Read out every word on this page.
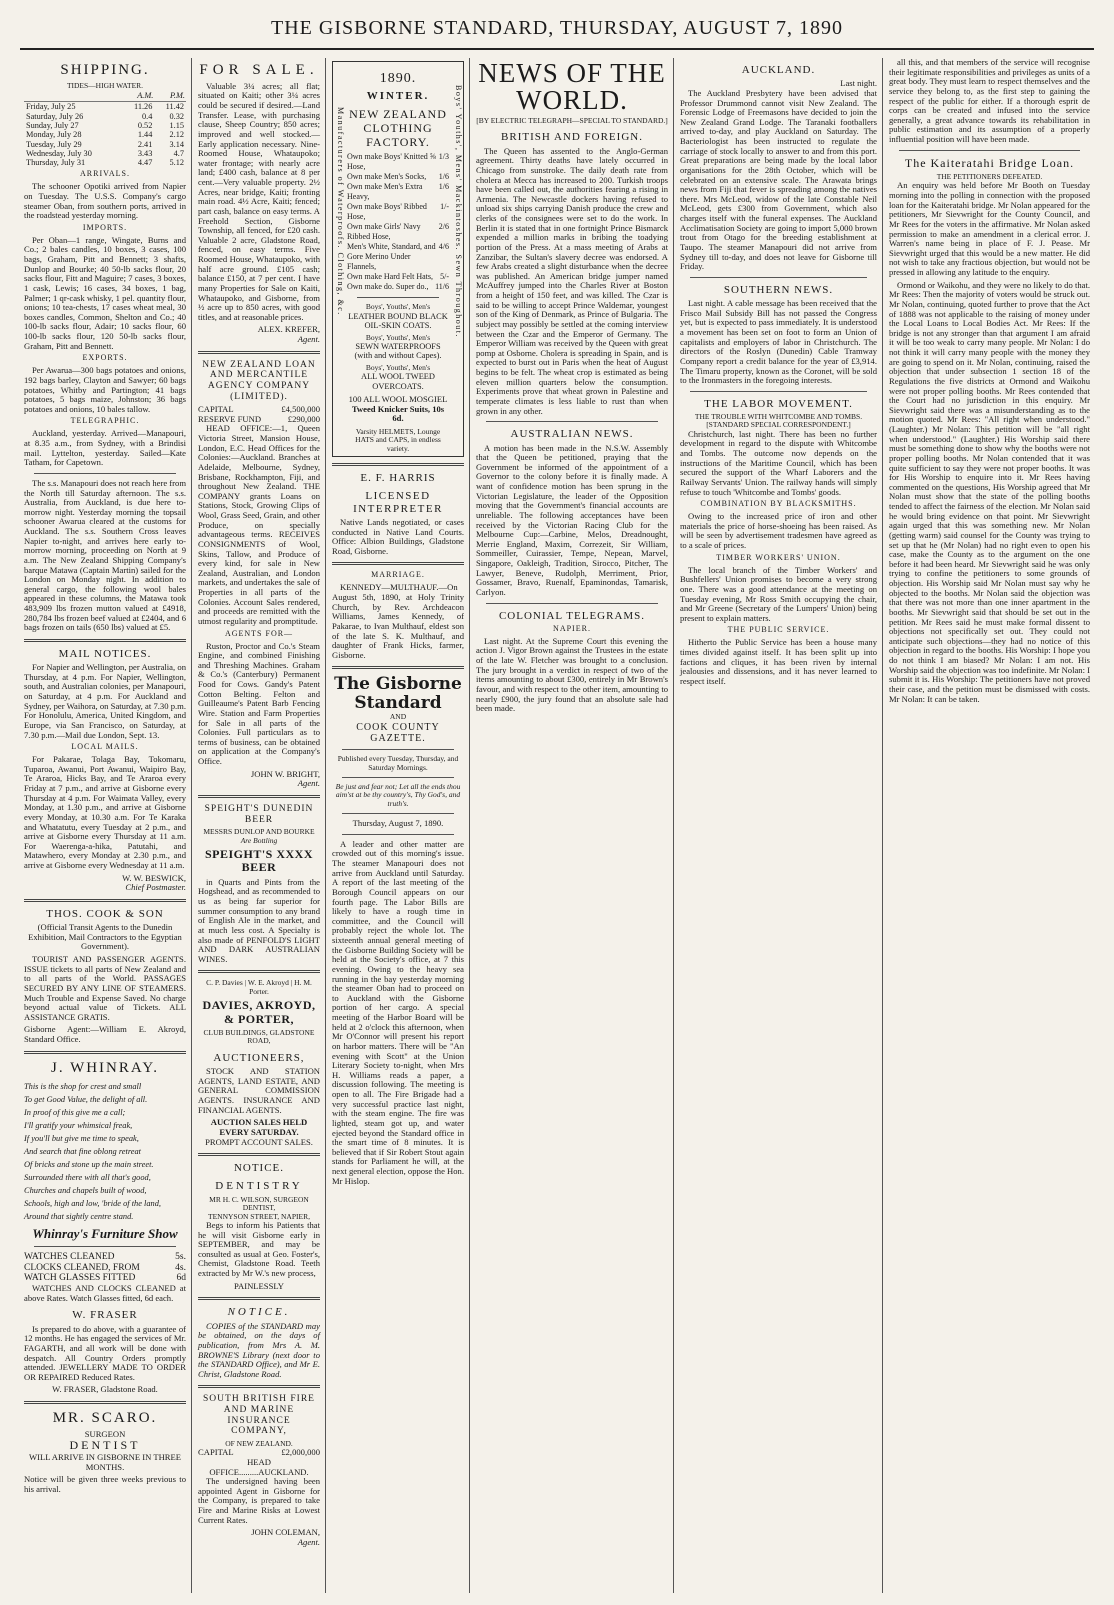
THE GISBORNE STANDARD, THURSDAY, AUGUST 7, 1890
SHIPPING.
TIDES—HIGH WATER.
	A.M.	P.M.
Friday, July 25	11.26	11.42
Saturday, July 26	0.4	0.32
Sunday, July 27	0.52	1.15
Monday, July 28	1.44	2.12
Tuesday, July 29	2.41	3.14
Wednesday, July 30	3.43	4.7
Thursday, July 31	4.47	5.12
ARRIVALS.

The schooner Opotiki arrived from Napier on Tuesday. The U.S.S. Company's cargo steamer Oban, from southern ports, arrived in the roadstead yesterday morning.

IMPORTS.

Per Oban—1 range, Wingate, Burns and Co.; 2 bales candles, 10 boxes, 3 cases, 100 bags, Graham, Pitt and Bennett; 3 shafts, Dunlop and Bourke; 40 50-lb sacks flour, 20 sacks flour, Fitt and Maguire; 7 cases, 3 boxes, 1 cask, Lewis; 16 cases, 34 boxes, 1 bag, Palmer; 1 qr-cask whisky, 1 pel. quantity flour, onions; 10 tea-chests, 17 cases wheat meal, 30 boxes candles, Common, Shelton and Co.; 40 100-lb sacks flour, Adair; 10 sacks flour, 60 100-lb sacks flour, 120 50-lb sacks flour, Graham, Pitt and Bennett.

EXPORTS.

Per Awarua—300 bags potatoes and onions, 192 bags barley, Clayton and Sawyer; 60 bags potatoes, Whitby and Partington; 41 bags potatoes, 5 bags maize, Johnston; 36 bags potatoes and onions, 10 bales tallow.

TELEGRAPHIC.

Auckland, yesterday. Arrived—Manapouri, at 8.35 a.m., from Sydney, with a Brindisi mail. Lyttelton, yesterday. Sailed—Kate Tatham, for Capetown.

The s.s. Manapouri does not reach here from the North till Saturday afternoon. The s.s. Australia, from Auckland, is due here to-morrow night. Yesterday morning the topsail schooner Awarua cleared at the customs for Auckland. The s.s. Southern Cross leaves Napier to-night, and arrives here early to-morrow morning, proceeding on North at 9 a.m. The New Zealand Shipping Company's barque Matawa (Captain Martin) sailed for the London on Monday night. In addition to general cargo, the following wool bales appeared in these columns, the Matawa took 483,909 lbs frozen mutton valued at £4918, 280,784 lbs frozen beef valued at £2404, and 6 bags frozen on tails (650 lbs) valued at £5.

MAIL NOTICES.

For Napier and Wellington, per Australia, on Thursday, at 4 p.m. For Napier, Wellington, south, and Australian colonies, per Manapouri, on Saturday, at 4 p.m. For Auckland and Sydney, per Waihora, on Saturday, at 7.30 p.m. For Honolulu, America, United Kingdom, and Europe, via San Francisco, on Saturday, at 7.30 p.m.—Mail due London, Sept. 13.

LOCAL MAILS.

For Pakarae, Tolaga Bay, Tokomaru, Tuparoa, Awanui, Port Awanui, Waipiro Bay, Te Araroa, Hicks Bay, and Te Araroa every Friday at 7 p.m., and arrive at Gisborne every Thursday at 4 p.m. For Waimata Valley, every Monday, at 1.30 p.m., and arrive at Gisborne every Monday, at 10.30 a.m. For Te Karaka and Whatatutu, every Tuesday at 2 p.m., and arrive at Gisborne every Thursday at 11 a.m. For Waerenga-a-hika, Patutahi, and Matawhero, every Monday at 2.30 p.m., and arrive at Gisborne every Wednesday at 11 a.m.

W. W. BESWICK,
Chief Postmaster.
THOS. COOK & SON

(Official Transit Agents to the Dunedin Exhibition, Mail Contractors to the Egyptian Government).

TOURIST AND PASSENGER AGENTS. ISSUE tickets to all parts of New Zealand and to all parts of the World. PASSAGES SECURED BY ANY LINE OF STEAMERS. Much Trouble and Expense Saved. No charge beyond actual value of Tickets. ALL ASSISTANCE GRATIS.

Gisborne Agent:—William E. Akroyd, Standard Office.

J. WHINRAY.
This is the shop for crest and small
To get Good Value, the delight of all.
In proof of this give me a call;
I'll gratify your whimsical freak,
If you'll but give me time to speak,
And search that fine oblong retreat
Of bricks and stone up the main street.
Surrounded there with all that's good,
Churches and chapels built of wood,
Schools, high and low, 'bride of the land,
Around that sightly centre stand.
Whinray's Furniture Show
WATCHES CLEANED	5s.
CLOCKS CLEANED, FROM	4s.
WATCH GLASSES FITTED	6d

WATCHES AND CLOCKS CLEANED at above Rates. Watch Glasses fitted, 6d each.

W. FRASER

Is prepared to do above, with a guarantee of 12 months. He has engaged the services of Mr. FAGARTH, and all work will be done with despatch. All Country Orders promptly attended. JEWELLERY MADE TO ORDER OR REPAIRED Reduced Rates.

W. FRASER, Gladstone Road.

MR. SCARO.
SURGEON
DENTIST

WILL ARRIVE IN GISBORNE IN THREE MONTHS.

Notice will be given three weeks previous to his arrival.

FOR SALE.

Valuable 3¼ acres; all flat; situated on Kaiti; other 3¼ acres could be secured if desired.—Land Transfer. Lease, with purchasing clause, Sheep Country; 850 acres; improved and well stocked.—Early application necessary. Nine-Roomed House, Whataupoko; water frontage; with nearly acre land; £400 cash, balance at 8 per cent.—Very valuable property. 2½ Acres, near bridge, Kaiti; fronting main road. 4½ Acre, Kaiti; fenced; part cash, balance on easy terms. A Freehold Section, Gisborne Township, all fenced, for £20 cash. Valuable 2 acre, Gladstone Road, fenced, on easy terms. Five Roomed House, Whataupoko, with half acre ground. £105 cash; balance £150, at 7 per cent. I have many Properties for Sale on Kaiti, Whataupoko, and Gisborne, from ½ acre up to 850 acres, with good titles, and at reasonable prices.

ALEX. KREFER,
Agent.
NEW ZEALAND LOAN AND MERCANTILE AGENCY COMPANY (LIMITED).
CAPITAL	£4,500,000
RESERVE FUND	£290,000

HEAD OFFICE:—1, Queen Victoria Street, Mansion House, London, E.C. Head Offices for the Colonies:—Auckland. Branches at Adelaide, Melbourne, Sydney, Brisbane, Rockhampton, Fiji, and throughout New Zealand. THE COMPANY grants Loans on Stations, Stock, Growing Clips of Wool, Grass Seed, Grain, and other Produce, on specially advantageous terms. RECEIVES CONSIGNMENTS of Wool, Skins, Tallow, and Produce of every kind, for sale in New Zealand, Australian, and London markets, and undertakes the sale of Properties in all parts of the Colonies. Account Sales rendered, and proceeds are remitted with the utmost regularity and promptitude.

AGENTS FOR—

Ruston, Proctor and Co.'s Steam Engine, and combined Finishing and Threshing Machines. Graham & Co.'s (Canterbury) Permanent Food for Cows. Gandy's Patent Cotton Belting. Felton and Guilleaume's Patent Barb Fencing Wire. Station and Farm Properties for Sale in all parts of the Colonies. Full particulars as to terms of business, can be obtained on application at the Company's Office.

JOHN W. BRIGHT,
Agent.
SPEIGHT'S DUNEDIN BEER
MESSRS DUNLOP AND BOURKE
Are Bottling
SPEIGHT'S XXXX BEER

in Quarts and Pints from the Hogshead, and as recommended to us as being far superior for summer consumption to any brand of English Ale in the market, and at much less cost. A Specialty is also made of PENFOLD'S LIGHT AND DARK AUSTRALIAN WINES.

C. P. Davies | W. E. Akroyd | H. M. Porter.
DAVIES, AKROYD, & PORTER,
CLUB BUILDINGS, GLADSTONE ROAD,
AUCTIONEERS,

STOCK AND STATION AGENTS, LAND ESTATE, AND GENERAL COMMISSION AGENTS. INSURANCE AND FINANCIAL AGENTS.

AUCTION SALES HELD EVERY SATURDAY.
PROMPT ACCOUNT SALES.
NOTICE.
DENTISTRY
MR H. C. WILSON, SURGEON DENTIST,
TENNYSON STREET, NAPIER,

Begs to inform his Patients that he will visit Gisborne early in SEPTEMBER, and may be consulted as usual at Geo. Foster's, Chemist, Gladstone Road. Teeth extracted by Mr W.'s new process,

PAINLESSLY
NOTICE.

COPIES of the STANDARD may be obtained, on the days of publication, from Mrs A. M. BROWNE'S Library (next door to the STANDARD Office), and Mr E. Christ, Gladstone Road.

SOUTH BRITISH FIRE AND MARINE INSURANCE COMPANY,
OF NEW ZEALAND.
CAPITAL	£2,000,000
HEAD OFFICE.........AUCKLAND.

The undersigned having been appointed Agent in Gisborne for the Company, is prepared to take Fire and Marine Risks at Lowest Current Rates.

JOHN COLEMAN,
Agent.
Manufacturers of Waterproofs. Clothing, &c.	Boys' Youths', Mens' Mackintoshes. Sewn Throughout.
1890.
WINTER.
NEW ZEALAND CLOTHING FACTORY.
Own make Boys' Knitted ⅝ Hose,
1/3
Own make Men's Socks, 1/6
Own make Men's Extra Heavy,
1/6
Own make Boys' Ribbed Hose,
1/-
Own make Girls' Navy Ribbed Hose,
2/6
Men's White, Standard, and Gore Merino Under Flannels,
4/6
Own make Hard Felt Hats, 5/-
Own make do. Super do., 11/6
Boys', Youths', Men's
LEATHER BOUND BLACK OIL-SKIN COATS.
Boys', Youths', Men's
SEWN WATERPROOFS (with and without Capes).
Boys', Youths', Men's
ALL WOOL TWEED OVERCOATS.
100 ALL WOOL MOSGIEL
Tweed Knicker Suits, 10s 6d.
Varsity HELMETS, Lounge HATS and CAPS, in endless variety.
E. F. HARRIS
LICENSED INTERPRETER

Native Lands negotiated, or cases conducted in Native Land Courts. Office: Albion Buildings, Gladstone Road, Gisborne.

MARRIAGE.

KENNEDY—MULTHAUF.—On August 5th, 1890, at Holy Trinity Church, by Rev. Archdeacon Williams, James Kennedy, of Pakarae, to Ivan Multhauf, eldest son of the late S. K. Multhauf, and daughter of Frank Hicks, farmer, Gisborne.

The Gisborne Standard
AND
COOK COUNTY GAZETTE.
Published every Tuesday, Thursday, and Saturday Mornings.
Be just and fear not; Let all the ends thou aim'st at be thy country's, Thy God's, and truth's.
Thursday, August 7, 1890.

A leader and other matter are crowded out of this morning's issue. The steamer Manapouri does not arrive from Auckland until Saturday. A report of the last meeting of the Borough Council appears on our fourth page. The Labor Bills are likely to have a rough time in committee, and the Council will probably reject the whole lot. The sixteenth annual general meeting of the Gisborne Building Society will be held at the Society's office, at 7 this evening. Owing to the heavy sea running in the bay yesterday morning the steamer Oban had to proceed on to Auckland with the Gisborne portion of her cargo. A special meeting of the Harbor Board will be held at 2 o'clock this afternoon, when Mr O'Connor will present his report on harbor matters. There will be "An evening with Scott" at the Union Literary Society to-night, when Mrs H. Williams reads a paper, a discussion following. The meeting is open to all. The Fire Brigade had a very successful practice last night, with the steam engine. The fire was lighted, steam got up, and water ejected beyond the Standard office in the smart time of 8 minutes. It is believed that if Sir Robert Stout again stands for Parliament he will, at the next general election, oppose the Hon. Mr Hislop.

NEWS OF THE WORLD.
[BY ELECTRIC TELEGRAPH—SPECIAL TO STANDARD.]
BRITISH AND FOREIGN.

The Queen has assented to the Anglo-German agreement. Thirty deaths have lately occurred in Chicago from sunstroke. The daily death rate from cholera at Mecca has increased to 200. Turkish troops have been called out, the authorities fearing a rising in Armenia. The Newcastle dockers having refused to unload six ships carrying Danish produce the crew and clerks of the consignees were set to do the work. In Berlin it is stated that in one fortnight Prince Bismarck expended a million marks in bribing the toadying portion of the Press. At a mass meeting of Arabs at Zanzibar, the Sultan's slavery decree was endorsed. A few Arabs created a slight disturbance when the decree was published. An American bridge jumper named McAuffrey jumped into the Charles River at Boston from a height of 150 feet, and was killed. The Czar is said to be willing to accept Prince Waldemar, youngest son of the King of Denmark, as Prince of Bulgaria. The subject may possibly be settled at the coming interview between the Czar and the Emperor of Germany. The Emperor William was received by the Queen with great pomp at Osborne. Cholera is spreading in Spain, and is expected to burst out in Paris when the heat of August begins to be felt. The wheat crop is estimated as being eleven million quarters below the consumption. Experiments prove that wheat grown in Palestine and temperate climates is less liable to rust than when grown in any other.

AUSTRALIAN NEWS.

A motion has been made in the N.S.W. Assembly that the Queen be petitioned, praying that the Government be informed of the appointment of a Governor to the colony before it is finally made. A want of confidence motion has been sprung in the Victorian Legislature, the leader of the Opposition moving that the Government's financial accounts are unreliable. The following acceptances have been received by the Victorian Racing Club for the Melbourne Cup:—Carbine, Melos, Dreadnought, Merrie England, Maxim, Correzeit, Sir William, Sommeiller, Cuirassier, Tempe, Nepean, Marvel, Singapore, Oakleigh, Tradition, Sirocco, Pitcher, The Lawyer, Beneve, Rudolph, Merriment, Prior, Gossamer, Bravo, Ruenalf, Epaminondas, Tamarisk, Carlyon.

COLONIAL TELEGRAMS.
NAPIER.

Last night. At the Supreme Court this evening the action J. Vigor Brown against the Trustees in the estate of the late W. Fletcher was brought to a conclusion. The jury brought in a verdict in respect of two of the items amounting to about £300, entirely in Mr Brown's favour, and with respect to the other item, amounting to nearly £900, the jury found that an absolute sale had been made.

AUCKLAND.
Last night.

The Auckland Presbytery have been advised that Professor Drummond cannot visit New Zealand. The Forensic Lodge of Freemasons have decided to join the New Zealand Grand Lodge. The Taranaki footballers arrived to-day, and play Auckland on Saturday. The Bacteriologist has been instructed to regulate the carriage of stock locally to answer to and from this port. Great preparations are being made by the local labor organisations for the 28th October, which will be celebrated on an extensive scale. The Arawata brings news from Fiji that fever is spreading among the natives there. Mrs McLeod, widow of the late Constable Neil McLeod, gets £300 from Government, which also charges itself with the funeral expenses. The Auckland Acclimatisation Society are going to import 5,000 brown trout from Otago for the breeding establishment at Taupo. The steamer Manapouri did not arrive from Sydney till to-day, and does not leave for Gisborne till Friday.

SOUTHERN NEWS.

Last night. A cable message has been received that the Frisco Mail Subsidy Bill has not passed the Congress yet, but is expected to pass immediately. It is understood a movement has been set on foot to form an Union of capitalists and employers of labor in Christchurch. The directors of the Roslyn (Dunedin) Cable Tramway Company report a credit balance for the year of £3,914. The Timaru property, known as the Coronet, will be sold to the Ironmasters in the foregoing interests.

THE LABOR MOVEMENT.
THE TROUBLE WITH WHITCOMBE AND TOMBS.
[STANDARD SPECIAL CORRESPONDENT.]

Christchurch, last night. There has been no further development in regard to the dispute with Whitcombe and Tombs. The outcome now depends on the instructions of the Maritime Council, which has been secured the support of the Wharf Laborers and the Railway Servants' Union. The railway hands will simply refuse to touch 'Whitcombe and Tombs' goods.

COMBINATION BY BLACKSMITHS.

Owing to the increased price of iron and other materials the price of horse-shoeing has been raised. As will be seen by advertisement tradesmen have agreed as to a scale of prices.

TIMBER WORKERS' UNION.

The local branch of the Timber Workers' and Bushfellers' Union promises to become a very strong one. There was a good attendance at the meeting on Tuesday evening, Mr Ross Smith occupying the chair, and Mr Greene (Secretary of the Lumpers' Union) being present to explain matters.

THE PUBLIC SERVICE.

Hitherto the Public Service has been a house many times divided against itself. It has been split up into factions and cliques, it has been riven by internal jealousies and dissensions, and it has never learned to respect itself.

all this, and that members of the service will recognise their legitimate responsibilities and privileges as units of a great body. They must learn to respect themselves and the service they belong to, as the first step to gaining the respect of the public for either. If a thorough esprit de corps can be created and infused into the service generally, a great advance towards its rehabilitation in public estimation and its assumption of a properly influential position will have been made.

The Kaiteratahi Bridge Loan.
THE PETITIONERS DEFEATED.

An enquiry was held before Mr Booth on Tuesday morning into the polling in connection with the proposed loan for the Kaiteratahi bridge. Mr Nolan appeared for the petitioners, Mr Sievwright for the County Council, and Mr Rees for the voters in the affirmative. Mr Nolan asked permission to make an amendment in a clerical error. J. Warren's name being in place of F. J. Pease. Mr Sievwright urged that this would be a new matter. He did not wish to take any fractious objection, but would not be pressed in allowing any latitude to the enquiry.

Ormond or Waikohu, and they were no likely to do that. Mr Rees: Then the majority of voters would be struck out. Mr Nolan, continuing, quoted further to prove that the Act of 1888 was not applicable to the raising of money under the Local Loans to Local Bodies Act. Mr Rees: If the bridge is not any stronger than that argument I am afraid it will be too weak to carry many people. Mr Nolan: I do not think it will carry many people with the money they are going to spend on it. Mr Nolan, continuing, raised the objection that under subsection 1 section 18 of the Regulations the five districts at Ormond and Waikohu were not proper polling booths. Mr Rees contended that the Court had no jurisdiction in this enquiry. Mr Sievwright said there was a misunderstanding as to the motion quoted. Mr Rees: "All right when understood." (Laughter.) Mr Nolan: This petition will be "all right when understood." (Laughter.) His Worship said there must be something done to show why the booths were not proper polling booths. Mr Nolan contended that it was quite sufficient to say they were not proper booths. It was for His Worship to enquire into it. Mr Rees having commented on the questions, His Worship agreed that Mr Nolan must show that the state of the polling booths tended to affect the fairness of the election. Mr Nolan said he would bring evidence on that point. Mr Sievwright again urged that this was something new. Mr Nolan (getting warm) said counsel for the County was trying to set up that he (Mr Nolan) had no right even to open his case, make the County as to the argument on the one before it had been heard. Mr Sievwright said he was only trying to confine the petitioners to some grounds of objection. His Worship said Mr Nolan must say why he objected to the booths. Mr Nolan said the objection was that there was not more than one inner apartment in the booths. Mr Sievwright said that should be set out in the petition. Mr Rees said he must make formal dissent to objections not specifically set out. They could not anticipate such objections—they had no notice of this objection in regard to the booths. His Worship: I hope you do not think I am biased? Mr Nolan: I am not. His Worship said the objection was too indefinite. Mr Nolan: I submit it is. His Worship: The petitioners have not proved their case, and the petition must be dismissed with costs. Mr Nolan: It can be taken.
